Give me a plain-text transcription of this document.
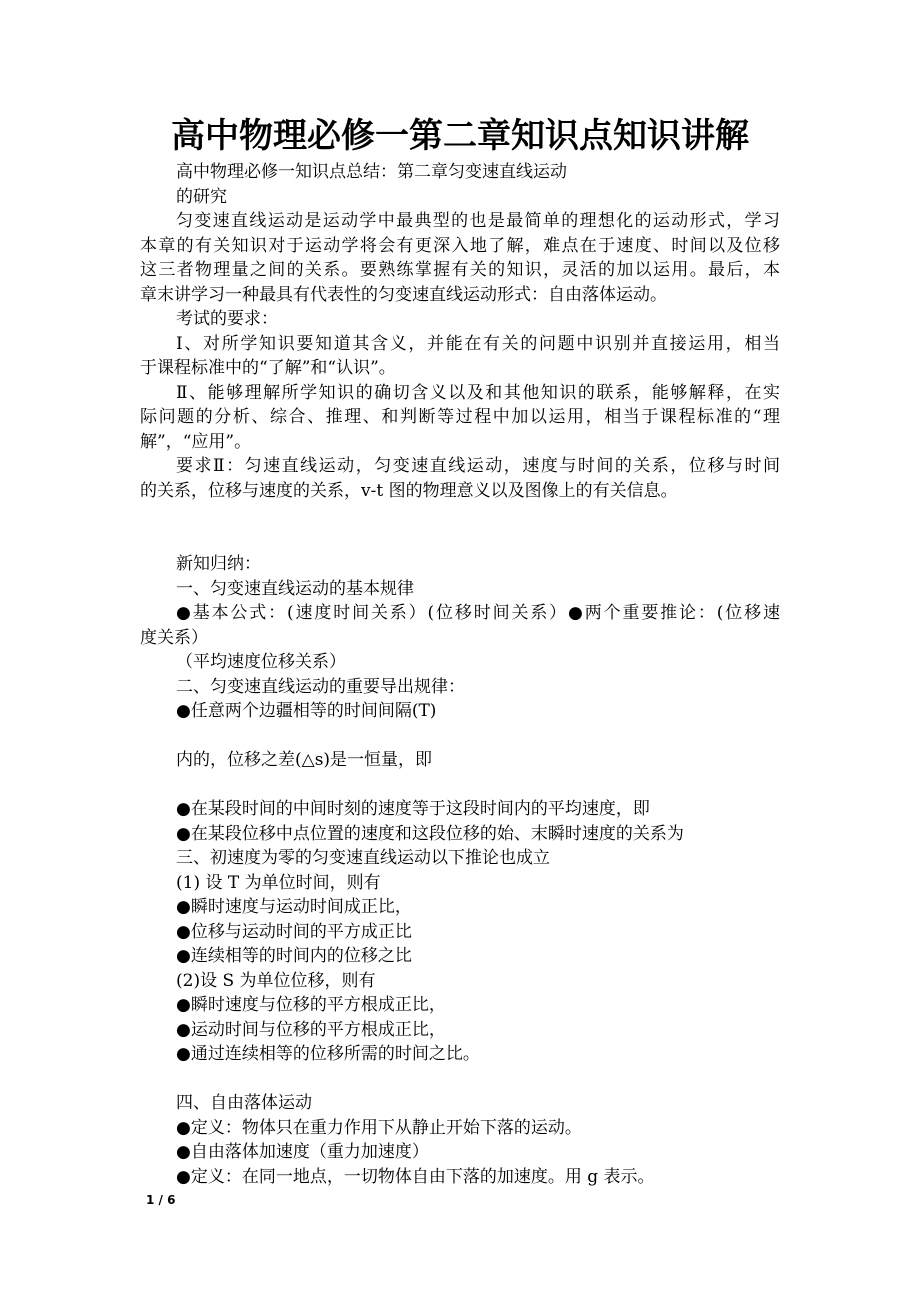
高中物理必修一第二章知识点知识讲解
高中物理必修一知识点总结：第二章匀变速直线运动
的研究
匀变速直线运动是运动学中最典型的也是最简单的理想化的运动形式，学习
本章的有关知识对于运动学将会有更深入地了解，难点在于速度、时间以及位移
这三者物理量之间的关系。要熟练掌握有关的知识，灵活的加以运用。最后，本
章末讲学习一种最具有代表性的匀变速直线运动形式：自由落体运动。
考试的要求：
Ⅰ、对所学知识要知道其含义，并能在有关的问题中识别并直接运用，相当
于课程标准中的“了解”和“认识”。
Ⅱ、能够理解所学知识的确切含义以及和其他知识的联系，能够解释，在实
际问题的分析、综合、推理、和判断等过程中加以运用，相当于课程标准的“理
解”，“应用”。
要求Ⅱ：匀速直线运动，匀变速直线运动，速度与时间的关系，位移与时间
的关系，位移与速度的关系，v-t 图的物理意义以及图像上的有关信息。
新知归纳：
一、匀变速直线运动的基本规律
●基本公式：(速度时间关系）(位移时间关系）●两个重要推论：(位移速
度关系）
（平均速度位移关系）
二、匀变速直线运动的重要导出规律：
●任意两个边疆相等的时间间隔(T)
内的，位移之差(△s)是一恒量，即
●在某段时间的中间时刻的速度等于这段时间内的平均速度，即
●在某段位移中点位置的速度和这段位移的始、末瞬时速度的关系为
三、初速度为零的匀变速直线运动以下推论也成立
(1) 设 T 为单位时间，则有
●瞬时速度与运动时间成正比，
●位移与运动时间的平方成正比
●连续相等的时间内的位移之比
(2)设 S 为单位位移，则有
●瞬时速度与位移的平方根成正比，
●运动时间与位移的平方根成正比，
●通过连续相等的位移所需的时间之比。
四、自由落体运动
●定义：物体只在重力作用下从静止开始下落的运动。
●自由落体加速度（重力加速度）
●定义：在同一地点，一切物体自由下落的加速度。用 g 表示。
1 / 6
